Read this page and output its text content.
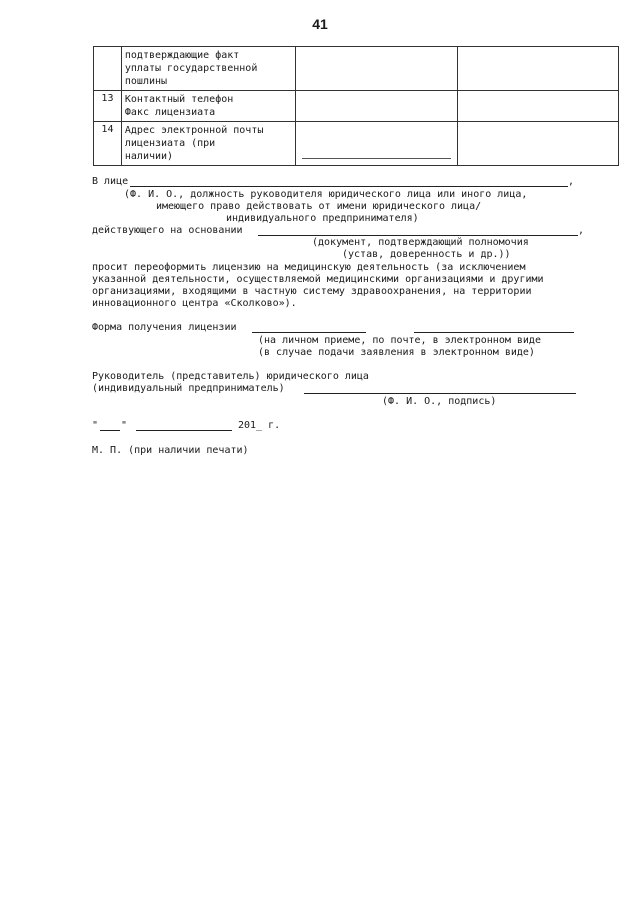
41

	подтверждающие факт
уплаты государственной
пошлины		

13	Контактный телефон
Факс лицензиата		

14	Адрес электронной почты
лицензиата (при
наличии)		

В лице	,
(Ф. И. О., должность руководителя юридического лица или иного лица,
имеющего право действовать от имени юридического лица/
индивидуального предпринимателя)
действующего на основании	,
(документ, подтверждающий полномочия
(устав, доверенность и др.))
просит переоформить лицензию на медицинскую деятельность (за исключением
указанной деятельности, осуществляемой медицинскими организациями и другими
организациями, входящими в частную систему здравоохранения, на территории
инновационного центра «Сколково»).
Форма получения лицензии
(на личном приеме, по почте, в электронном виде
(в случае подачи заявления в электронном виде)
Руководитель (представитель) юридического лица
(индивидуальный предприниматель)
(Ф. И. О., подпись)
" "	201_ г.
М. П. (при наличии печати)
